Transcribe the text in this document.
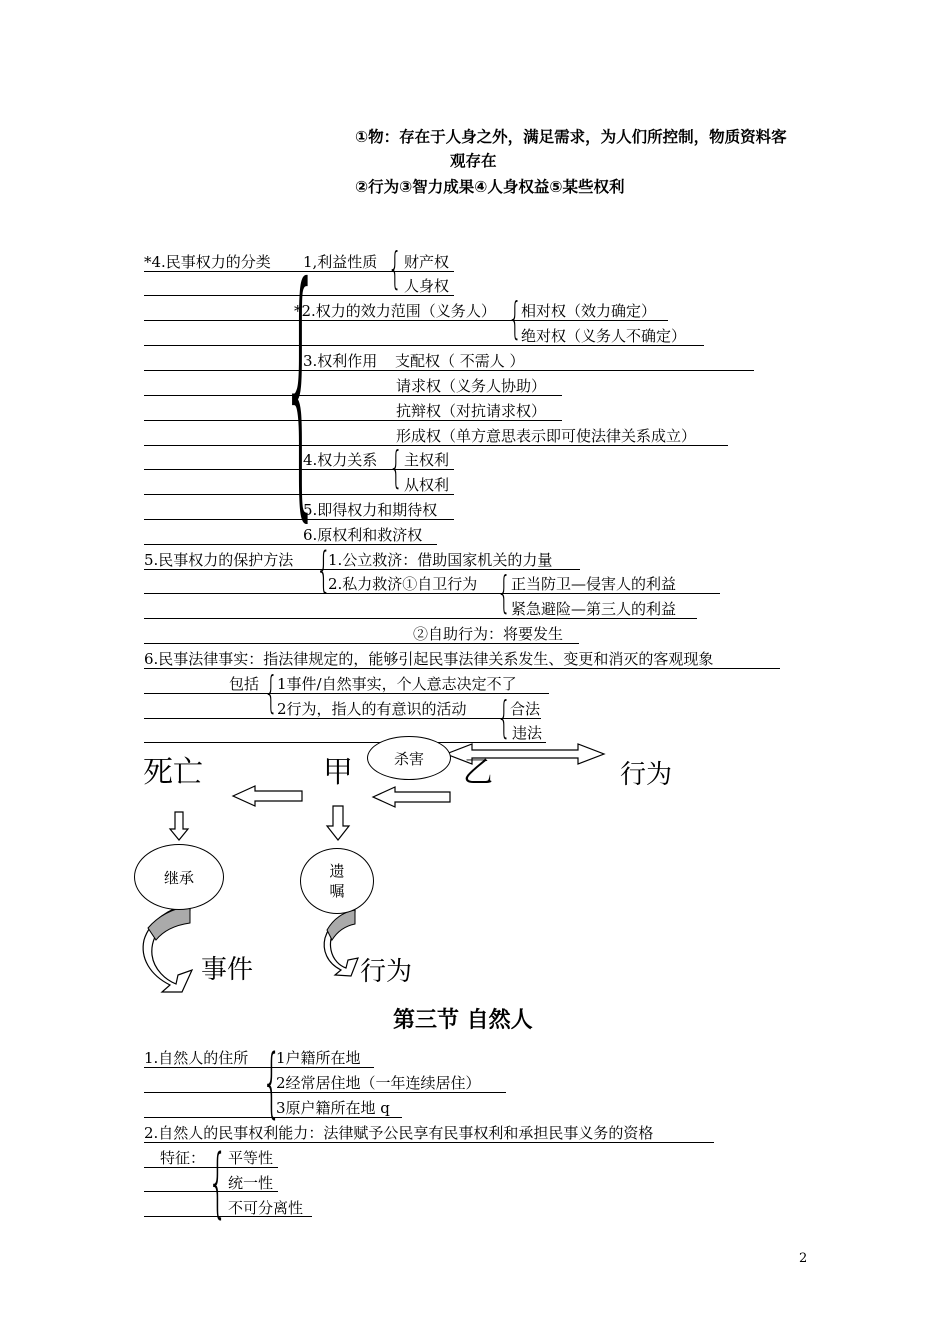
①物：存在于人身之外，满足需求，为人们所控制，物质资料客
观存在
②行为③智力成果④人身权益⑤某些权利
*4.民事权力的分类 {
1,利益性质 { 财产权
人身权
*2.权力的效力范围（义务人） { 相对权（效力确定）
绝对权（义务人不确定）
3.权利作用 支配权（ 不需人 ）
请求权（义务人协助）
抗辩权（对抗请求权）
形成权（单方意思表示即可使法律关系成立）
4.权力关系 { 主权利
从权利
5.即得权力和期待权
6.原权利和救济权
5.民事权力的保护方法 {
1.公立救济：借助国家机关的力量
2.私力救济①自卫行为 { 正当防卫—侵害人的利益
紧急避险—第三人的利益
②自助行为：将要发生
6.民事法律事实：指法律规定的，能够引起民事法律关系发生、变更和消灭的客观现象
包括 { 1事件/自然事实，个人意志决定不了
2行为，指人的有意识的活动 { 合法
违法
杀害
死亡	甲	乙	行为
继承	遗
嘱
事件	行为
第三节 自然人
1.自然人的住所 {
1户籍所在地
2经常居住地（一年连续居住）
3原户籍所在地 q
2.自然人的民事权利能力：法律赋予公民享有民事权利和承担民事义务的资格
特征： { 平等性
统一性
不可分离性
2
